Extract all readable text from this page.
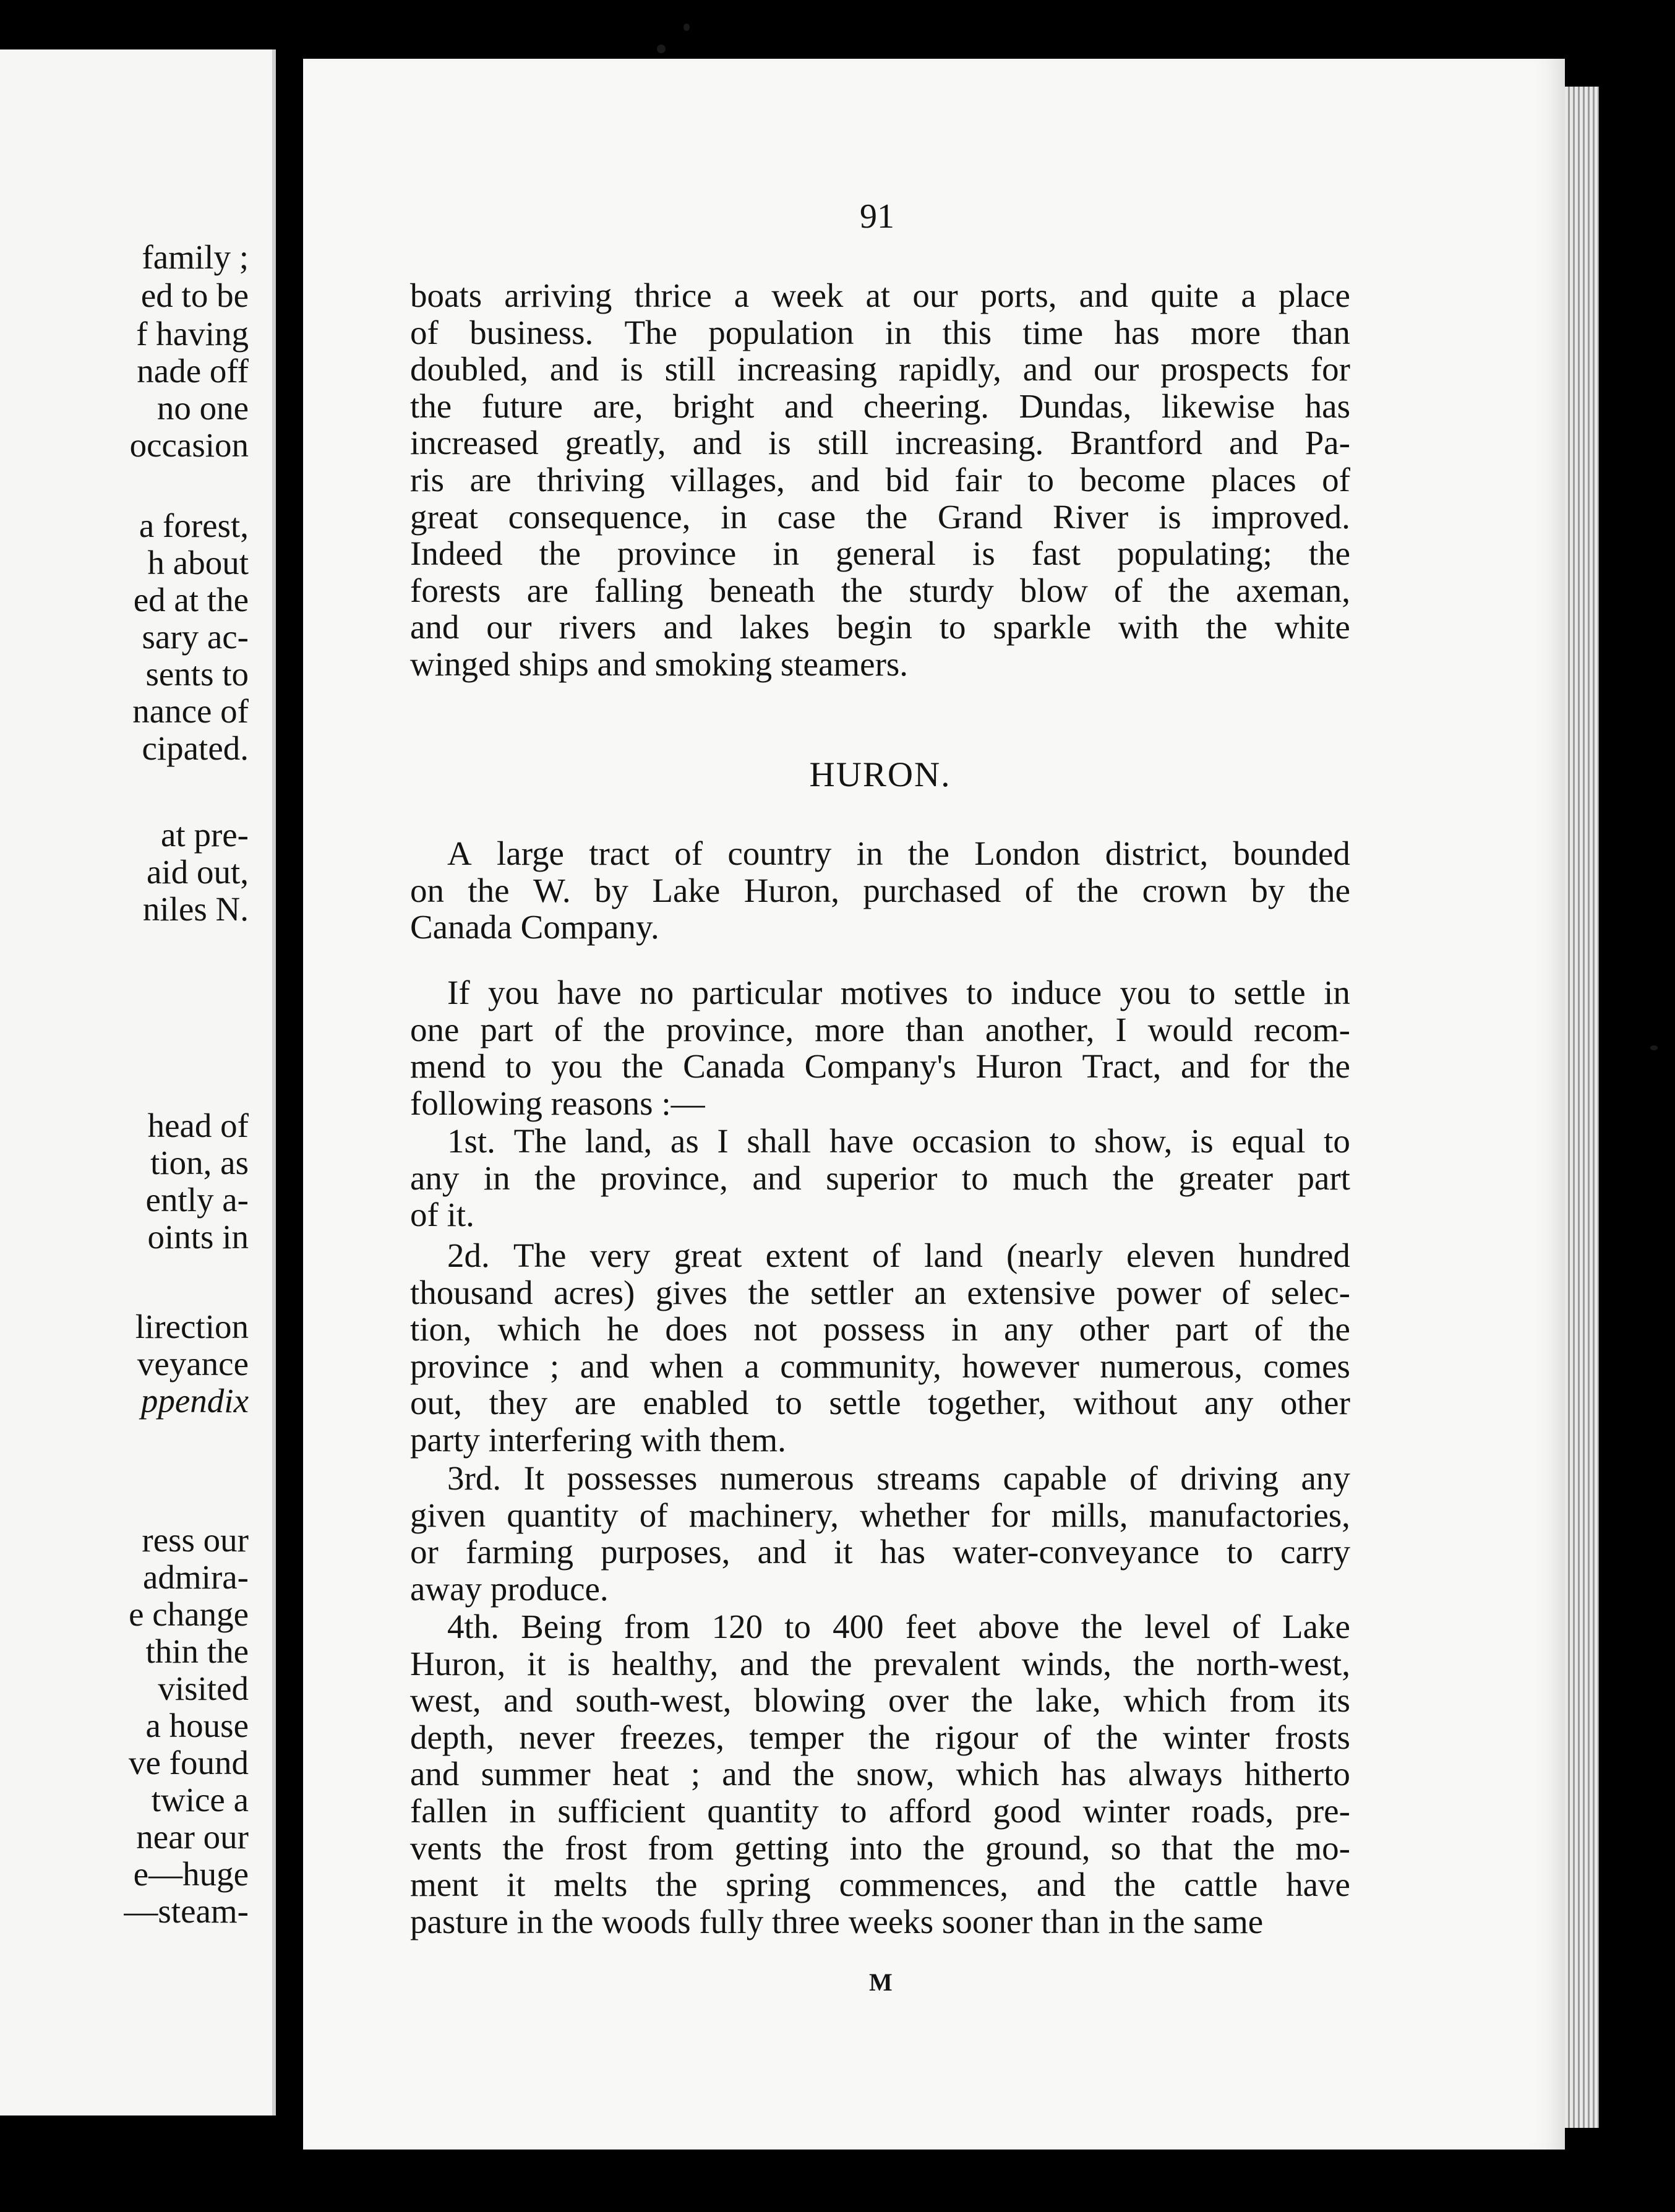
family ;
ed to be
f having
nade off
no one
occasion
a forest,
h about
ed at the
sary ac-
sents to
nance of
cipated.
at pre-
aid out,
niles N.
head of
tion, as
ently a-
oints in
lirection
veyance
ppendix
ress our
admira-
e change
thin the
visited
a house
ve found
twice a
near our
e—huge
—steam-
91
boats arriving thrice a week at our ports, and quite a place
of business. The population in this time has more than
doubled, and is still increasing rapidly, and our prospects for
the future are, bright and cheering. Dundas, likewise has
increased greatly, and is still increasing. Brantford and Pa-
ris are thriving villages, and bid fair to become places of
great consequence, in case the Grand River is improved.
Indeed the province in general is fast populating; the
forests are falling beneath the sturdy blow of the axeman,
and our rivers and lakes begin to sparkle with the white
winged ships and smoking steamers.
A large tract of country in the London district, bounded
on the W. by Lake Huron, purchased of the crown by the
Canada Company.
If you have no particular motives to induce you to settle in
one part of the province, more than another, I would recom-
mend to you the Canada Company's Huron Tract, and for the
following reasons :—
1st. The land, as I shall have occasion to show, is equal to
any in the province, and superior to much the greater part
of it.
2d. The very great extent of land (nearly eleven hundred
thousand acres) gives the settler an extensive power of selec-
tion, which he does not possess in any other part of the
province ; and when a community, however numerous, comes
out, they are enabled to settle together, without any other
party interfering with them.
3rd. It possesses numerous streams capable of driving any
given quantity of machinery, whether for mills, manufactories,
or farming purposes, and it has water-conveyance to carry
away produce.
4th. Being from 120 to 400 feet above the level of Lake
Huron, it is healthy, and the prevalent winds, the north-west,
west, and south-west, blowing over the lake, which from its
depth, never freezes, temper the rigour of the winter frosts
and summer heat ; and the snow, which has always hitherto
fallen in sufficient quantity to afford good winter roads, pre-
vents the frost from getting into the ground, so that the mo-
ment it melts the spring commences, and the cattle have
pasture in the woods fully three weeks sooner than in the same
HURON.
M
